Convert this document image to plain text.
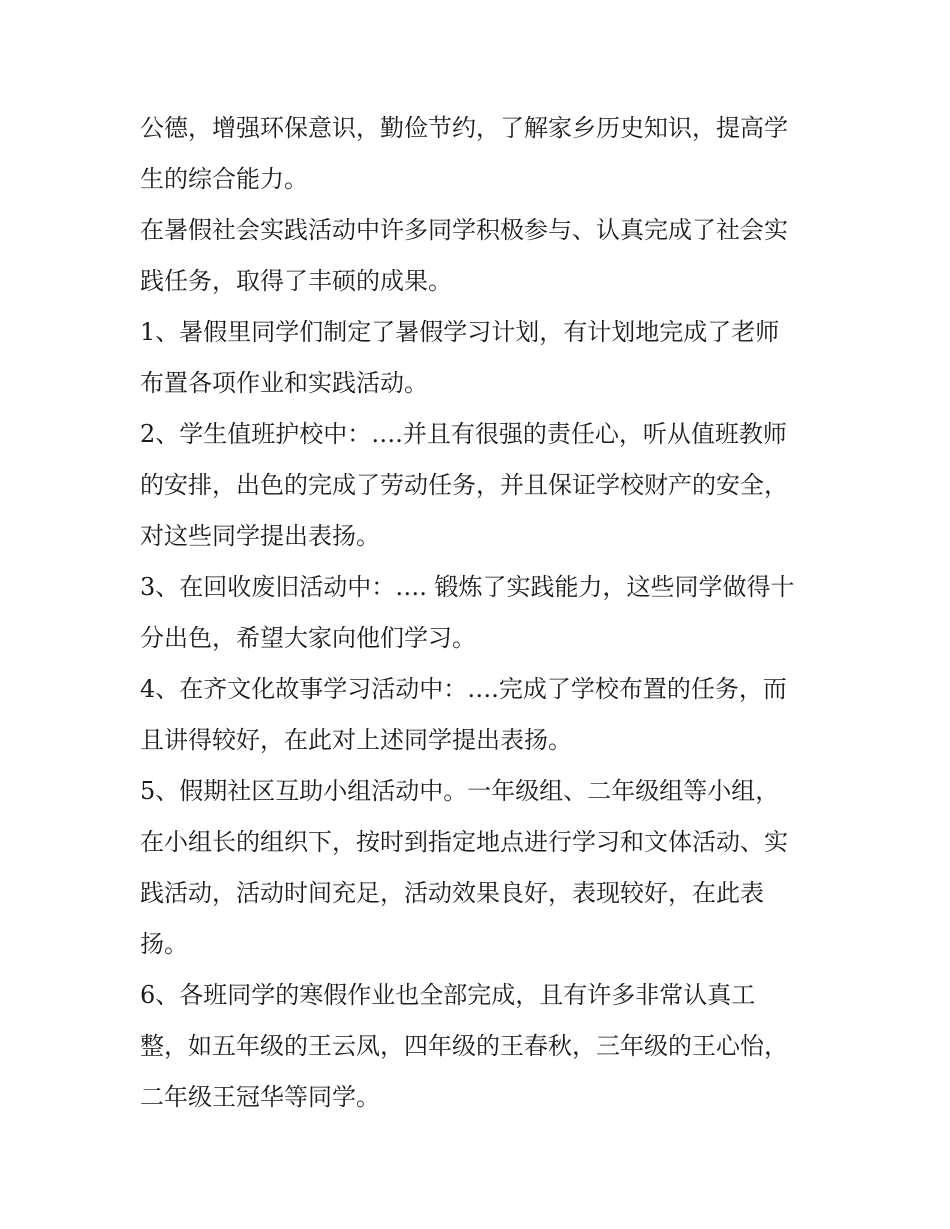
公德，增强环保意识，勤俭节约，了解家乡历史知识，提高学
生的综合能力。
在暑假社会实践活动中许多同学积极参与、认真完成了社会实
践任务，取得了丰硕的成果。
1、暑假里同学们制定了暑假学习计划，有计划地完成了老师
布置各项作业和实践活动。
2、学生值班护校中：….并且有很强的责任心，听从值班教师
的安排，出色的完成了劳动任务，并且保证学校财产的安全，
对这些同学提出表扬。
3、在回收废旧活动中：…. 锻炼了实践能力，这些同学做得十
分出色，希望大家向他们学习。
4、在齐文化故事学习活动中：….完成了学校布置的任务，而
且讲得较好，在此对上述同学提出表扬。
5、假期社区互助小组活动中。一年级组、二年级组等小组，
在小组长的组织下，按时到指定地点进行学习和文体活动、实
践活动，活动时间充足，活动效果良好，表现较好，在此表
扬。
6、各班同学的寒假作业也全部完成，且有许多非常认真工
整，如五年级的王云凤，四年级的王春秋，三年级的王心怡，
二年级王冠华等同学。
